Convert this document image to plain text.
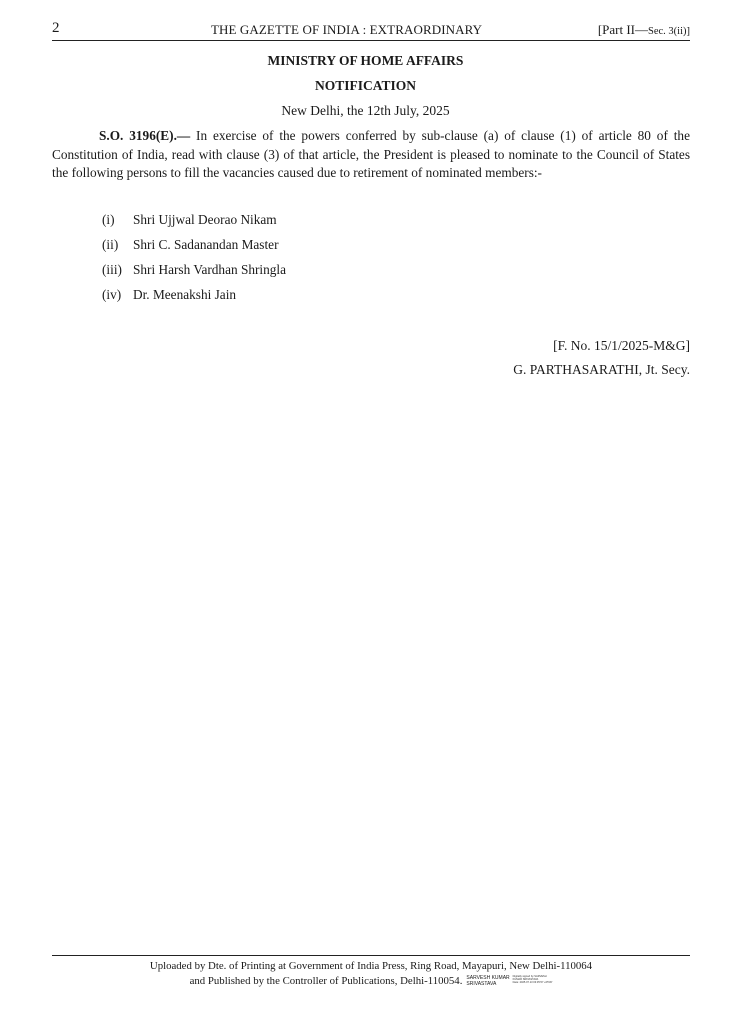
2	THE GAZETTE OF INDIA : EXTRAORDINARY	[Part II—Sec. 3(ii)]
MINISTRY OF HOME AFFAIRS
NOTIFICATION
New Delhi, the 12th July, 2025

S.O. 3196(E).— In exercise of the powers conferred by sub-clause (a) of clause (1) of article 80 of the Constitution of India, read with clause (3) of that article, the President is pleased to nominate to the Council of States the following persons to fill the vacancies caused due to retirement of nominated members:-

(i) Shri Ujjwal Deorao Nikam
(ii) Shri C. Sadanandan Master
(iii) Shri Harsh Vardhan Shringla
(iv) Dr. Meenakshi Jain
[F. No. 15/1/2025-M&G]
G. PARTHASARATHI, Jt. Secy.
Uploaded by Dte. of Printing at Government of India Press, Ring Road, Mayapuri, New Delhi-110064
and Published by the Controller of Publications, Delhi-110054. SARVESH KUMAR
SRIVASTAVADigitally signed by SARVESH
KUMAR SRIVASTAVA
Date: 2025.07.13 03:35:57 +05'30'
